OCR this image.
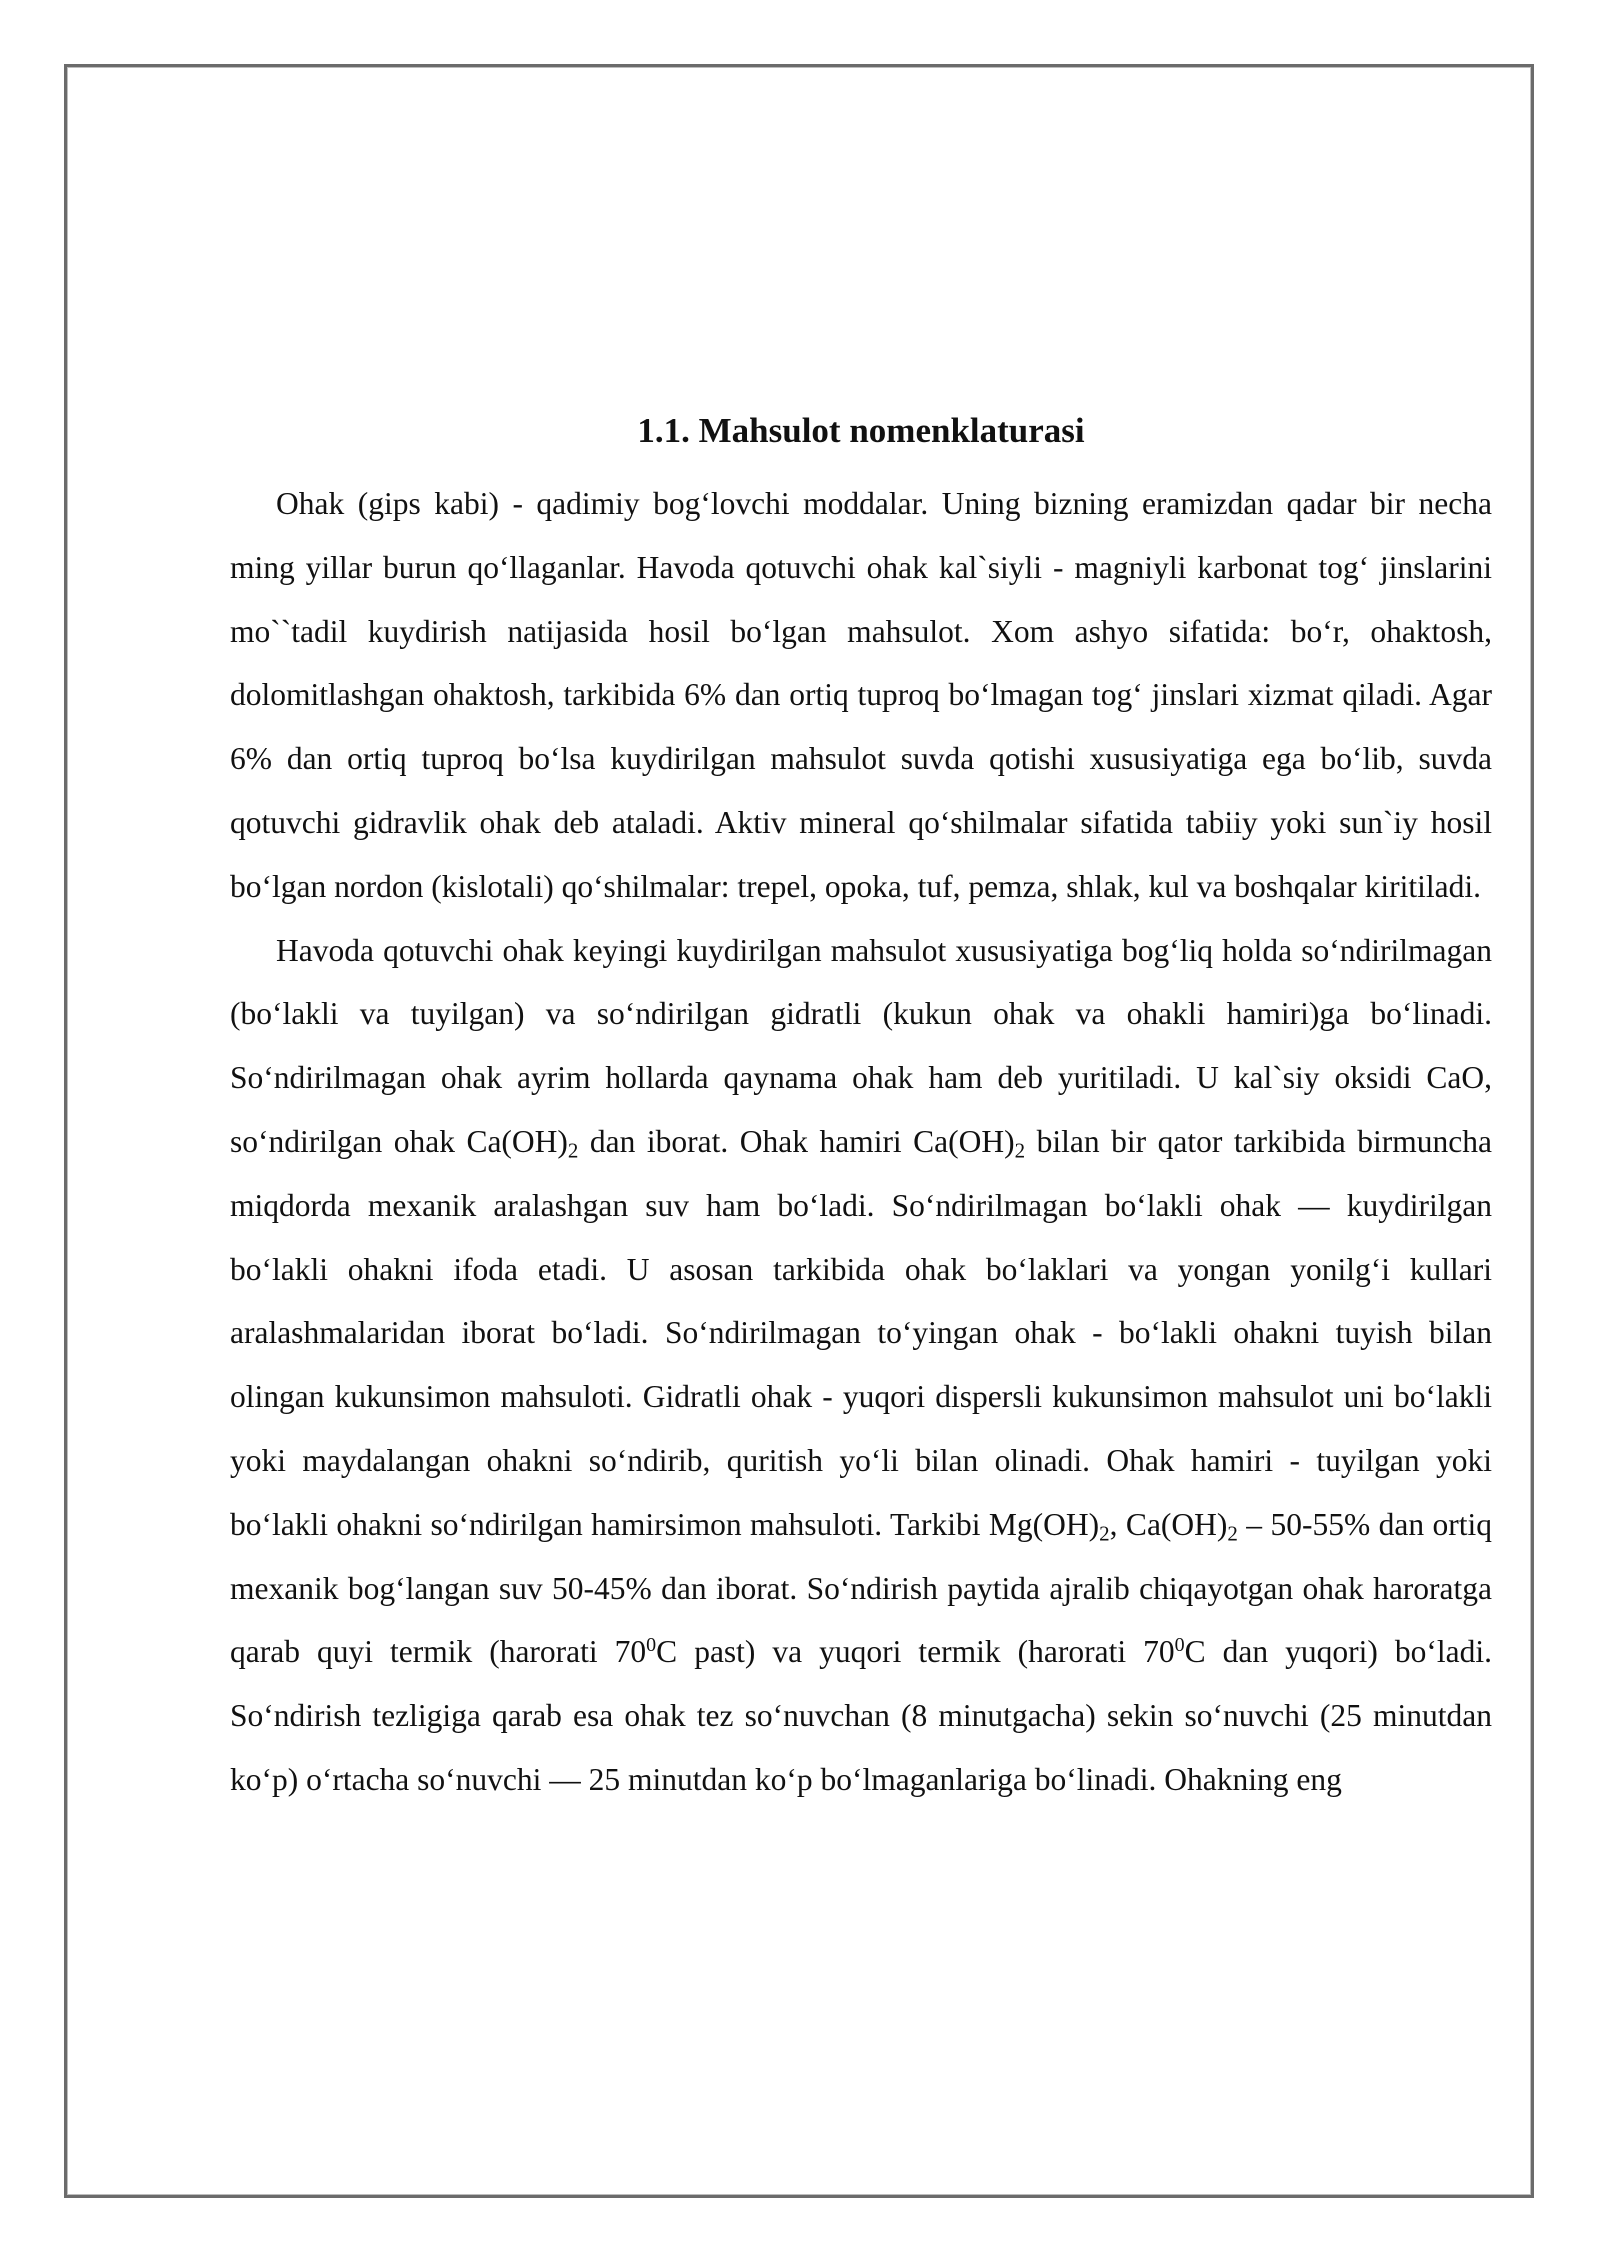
1.1. Mahsulot nomenklaturasi

Ohak (gips kabi) - qadimiy bog‘lovchi moddalar. Uning bizning eramizdan qadar bir necha ming yillar burun qo‘llaganlar. Havoda qotuvchi ohak kal`siyli - magniyli karbonat tog‘ jinslarini mo``tadil kuydirish natijasida hosil bo‘lgan mahsulot. Xom ashyo sifatida: bo‘r, ohaktosh, dolomitlashgan ohaktosh, tarkibida 6% dan ortiq tuproq bo‘lmagan tog‘ jinslari xizmat qiladi. Agar 6% dan ortiq tuproq bo‘lsa kuydirilgan mahsulot suvda qotishi xususiyatiga ega bo‘lib, suvda qotuvchi gidravlik ohak deb ataladi. Aktiv mineral qo‘shilmalar sifatida tabiiy yoki sun`iy hosil bo‘lgan nordon (kislotali) qo‘shilmalar: trepel, opoka, tuf, pemza, shlak, kul va boshqalar kiritiladi.

Havoda qotuvchi ohak keyingi kuydirilgan mahsulot xususiyatiga bog‘liq holda so‘ndirilmagan (bo‘lakli va tuyilgan) va so‘ndirilgan gidratli (kukun ohak va ohakli hamiri)ga bo‘linadi. So‘ndirilmagan ohak ayrim hollarda qaynama ohak ham deb yuritiladi. U kal`siy oksidi CaO, so‘ndirilgan ohak $Ca(OH)_2$ dan iborat. Ohak hamiri $Ca(OH)_2$ bilan bir qator tarkibida birmuncha miqdorda mexanik aralashgan suv ham bo‘ladi. So‘ndirilmagan bo‘lakli ohak — kuydirilgan bo‘lakli ohakni ifoda etadi. U asosan tarkibida ohak bo‘laklari va yongan yonilg‘i kullari aralashmalaridan iborat bo‘ladi. So‘ndirilmagan to‘yingan ohak - bo‘lakli ohakni tuyish bilan olingan kukunsimon mahsuloti. Gidratli ohak - yuqori dispersli kukunsimon mahsulot uni bo‘lakli yoki maydalangan ohakni so‘ndirib, quritish yo‘li bilan olinadi. Ohak hamiri - tuyilgan yoki bo‘lakli ohakni so‘ndirilgan hamirsimon mahsuloti. Tarkibi $Mg(OH)_2$, $Ca(OH)_2 - 50-55\%$ dan ortiq mexanik bog‘langan suv 50-45% dan iborat. So‘ndirish paytida ajralib chiqayotgan ohak haroratga qarab quyi termik (harorati $70^0C$ past) va yuqori termik (harorati $70^0C$ dan yuqori) bo‘ladi. So‘ndirish tezligiga qarab esa ohak tez so‘nuvchan (8 minutgacha) sekin so‘nuvchi (25 minutdan ko‘p) o‘rtacha so‘nuvchi — 25 minutdan ko‘p bo‘lmaganlariga bo‘linadi. Ohakning eng
